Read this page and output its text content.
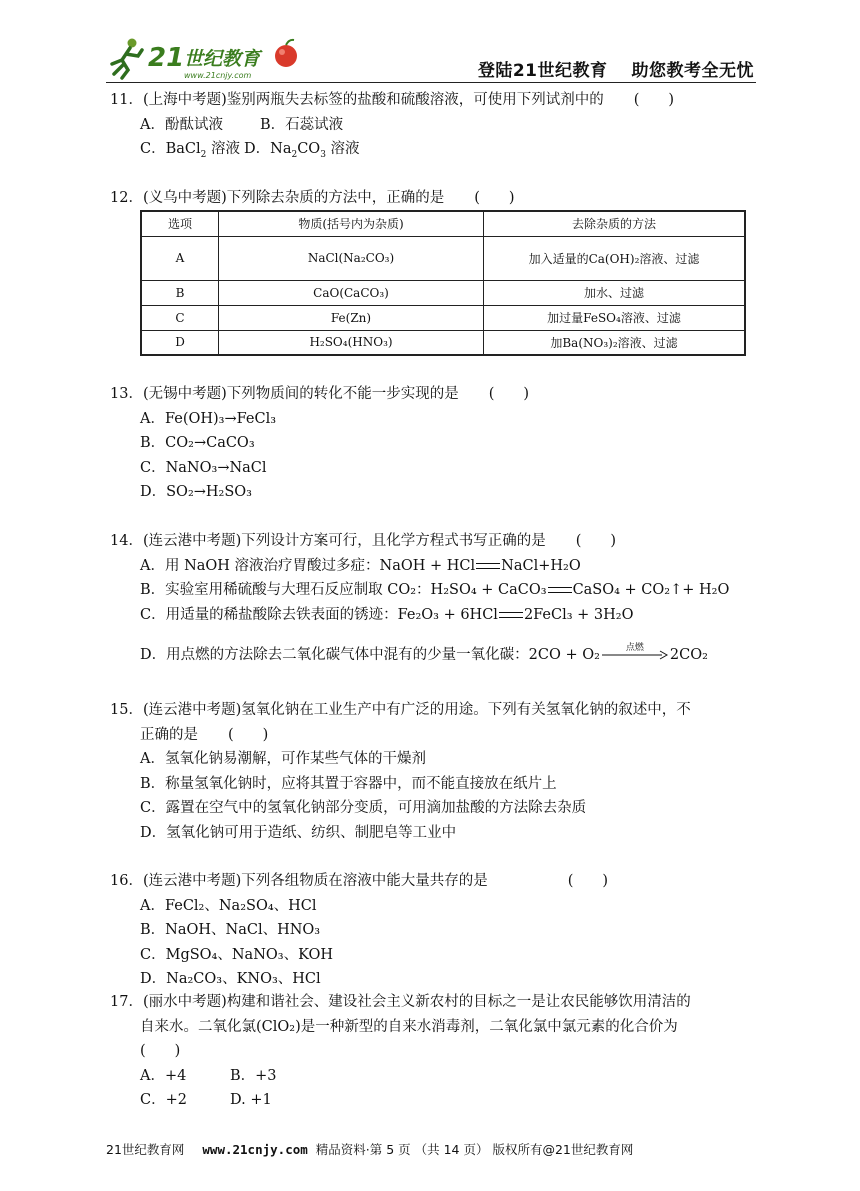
21 世纪教育
www.21cnjy.com	登陆21世纪教育 助您教考全无忧
11．(上海中考题)鉴别两瓶失去标签的盐酸和硫酸溶液，可使用下列试剂中的 (　　)
A．酚酞试液	B．石蕊试液
C．BaCl$_2$ 溶液 D．$Na_2CO_3$ 溶液
12．(义乌中考题)下列除去杂质的方法中，正确的是 (　　)
选项	物质(括号内为杂质)	去除杂质的方法
A	NaCl(Na₂CO₃)	加入适量的Ca(OH)₂溶液、过滤
B	CaO(CaCO₃)	加水、过滤
C	Fe(Zn)	加过量FeSO₄溶液、过滤
D	H₂SO₄(HNO₃)	加Ba(NO₃)₂溶液、过滤
13．(无锡中考题)下列物质间的转化不能一步实现的是 (　　)
A．Fe(OH)₃→FeCl₃
B．CO₂→CaCO₃
C．NaNO₃→NaCl
D．SO₂→H₂SO₃
14．(连云港中考题)下列设计方案可行，且化学方程式书写正确的是 (　　)
A．用 NaOH 溶液治疗胃酸过多症：NaOH + HCl NaCl+H₂O
B．实验室用稀硫酸与大理石反应制取 CO₂：H₂SO₄ + CaCO₃ CaSO₄ + CO₂↑+ H₂O
C．用适量的稀盐酸除去铁表面的锈迹：Fe₂O₃ + 6HCl 2FeCl₃ + 3H₂O
D．用点燃的方法除去二氧化碳气体中混有的少量一氧化碳：2CO + O₂	点燃	2CO₂
15．(连云港中考题)氢氧化钠在工业生产中有广泛的用途。下列有关氢氧化钠的叙述中，不
正确的是 (　　)
A．氢氧化钠易潮解，可作某些气体的干燥剂
B．称量氢氧化钠时，应将其置于容器中，而不能直接放在纸片上
C．露置在空气中的氢氧化钠部分变质，可用滴加盐酸的方法除去杂质
D．氢氧化钠可用于造纸、纺织、制肥皂等工业中
16．(连云港中考题)下列各组物质在溶液中能大量共存的是	(　　)
A．FeCl₂、Na₂SO₄、HCl
B．NaOH、NaCl、HNO₃
C．MgSO₄、NaNO₃、KOH
D．Na₂CO₃、KNO₃、HCl
17．(丽水中考题)构建和谐社会、建设社会主义新农村的目标之一是让农民能够饮用清洁的
自来水。二氧化氯(ClO₂)是一种新型的自来水消毒剂，二氧化氯中氯元素的化合价为
(　　)
A．+4	B．+3
C．+2	D. +1
21世纪教育网 www.21cnjy.com 精品资料·第 5 页 （共 14 页） 版权所有@21世纪教育网
